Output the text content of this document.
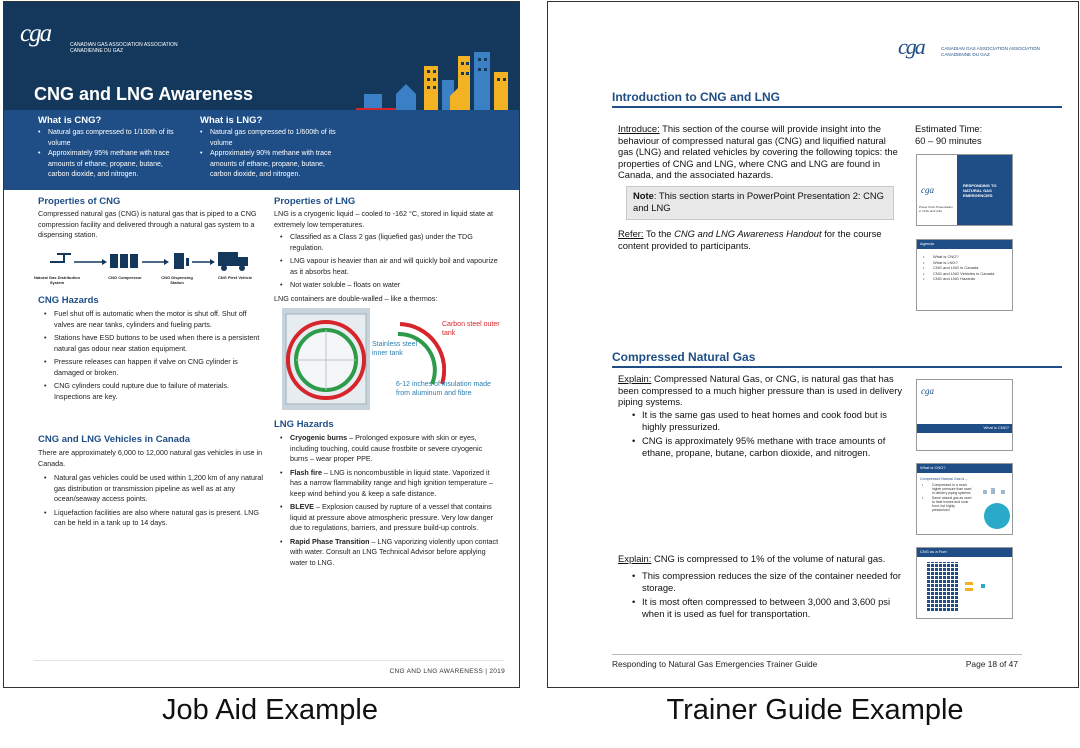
cga	CANADIAN GAS ASSOCIATION ASSOCIATION CANADIENNE DU GAZ
CNG and LNG Awareness
What is CNG?
• Natural gas compressed to 1/100th of its volume
• Approximately 95% methane with trace amounts of ethane, propane, butane, carbon dioxide, and nitrogen.
What is LNG?
• Natural gas compressed to 1/600th of its volume
• Approximately 90% methane with trace amounts of ethane, propane, butane, carbon dioxide, and nitrogen.
Properties of CNG
Compressed natural gas (CNG) is natural gas that is piped to a CNG compression facility and delivered through a natural gas system to a dispensing station.
Natural Gas Distribution System
CNG Compressor	CNG Dispensing Station
CNG Fleet Vehicle
CNG Hazards
• Fuel shut off is automatic when the motor is shut off. Shut off valves are near tanks, cylinders and fueling parts.
• Stations have ESD buttons to be used when there is a persistent natural gas odour near station equipment.
• Pressure releases can happen if valve on CNG cylinder is damaged or broken.
• CNG cylinders could rupture due to failure of materials. Inspections are key.
CNG and LNG Vehicles in Canada
There are approximately 6,000 to 12,000 natural gas vehicles in use in Canada.
• Natural gas vehicles could be used within 1,200 km of any natural gas distribution or transmission pipeline as well as at any ocean/seaway access points.
• Liquefaction facilities are also where natural gas is present. LNG can be held in a tank up to 14 days.
Properties of LNG
LNG is a cryogenic liquid – cooled to -162 °C, stored in liquid state at extremely low temperatures.
• Classified as a Class 2 gas (liquefied gas) under the TDG regulation.
• LNG vapour is heavier than air and will quickly boil and vapourize as it absorbs heat.
• Not water soluble – floats on water
LNG containers are double-walled – like a thermos:
Carbon steel outer tank
Stainless steel inner tank
6-12 inches of insulation made from aluminum and fibre
LNG Hazards
• Cryogenic burns – Prolonged exposure with skin or eyes, including touching, could cause frostbite or severe cryogenic burns – wear proper PPE.
• Flash fire – LNG is noncombustible in liquid state. Vaporized it has a narrow flammability range and high ignition temperature – keep wind behind you & keep a safe distance.
• BLEVE – Explosion caused by rupture of a vessel that contains liquid at pressure above atmospheric pressure. Very low danger due to regulations, barriers, and pressure build-up controls.
• Rapid Phase Transition – LNG vaporizing violently upon contact with water. Consult an LNG Technical Advisor before applying water to LNG.
CNG AND LNG AWARENESS | 2019
cga	CANADIAN GAS ASSOCIATION ASSOCIATION CANADIENNE DU GAZ
Introduction to CNG and LNG
Introduce: This section of the course will provide insight into the behaviour of compressed natural gas (CNG) and liquified natural gas (LNG) and related vehicles by covering the following topics: the properties of CNG and LNG, where CNG and LNG are found in Canada, and the associated hazards.
Estimated Time:
60 – 90 minutes
Note: This section starts in PowerPoint Presentation 2: CNG and LNG
Refer: To the CNG and LNG Awareness Handout for the course content provided to participants.
cga	RESPONDING TO NATURAL GAS EMERGENCIES
Power Point Presentation 2: CNG and LNG
Agenda
• What is CNG?
• What is LNG?
• CNG and LNG in Canada
• CNG and LNG Vehicles in Canada
• CNG and LNG Hazards
Compressed Natural Gas
Explain: Compressed Natural Gas, or CNG, is natural gas that has been compressed to a much higher pressure than is used in delivery piping systems.
• It is the same gas used to heat homes and cook food but is highly pressurized.
• CNG is approximately 95% methane with trace amounts of ethane, propane, butane, carbon dioxide, and nitrogen.
Explain: CNG is compressed to 1% of the volume of natural gas.
• This compression reduces the size of the container needed for storage.
• It is most often compressed to between 3,000 and 3,600 psi when it is used as fuel for transportation.
cga
What is CNG?
What is CNG?
Compressed Natural Gas is ...
• Compressed to a much higher pressure than used in delivery piping systems
• Same natural gas as used to heat homes and cook food, but highly pressurized
CNG as a Fuel
Responding to Natural Gas Emergencies Trainer Guide	Page 18 of 47
Job Aid Example	Trainer Guide Example
